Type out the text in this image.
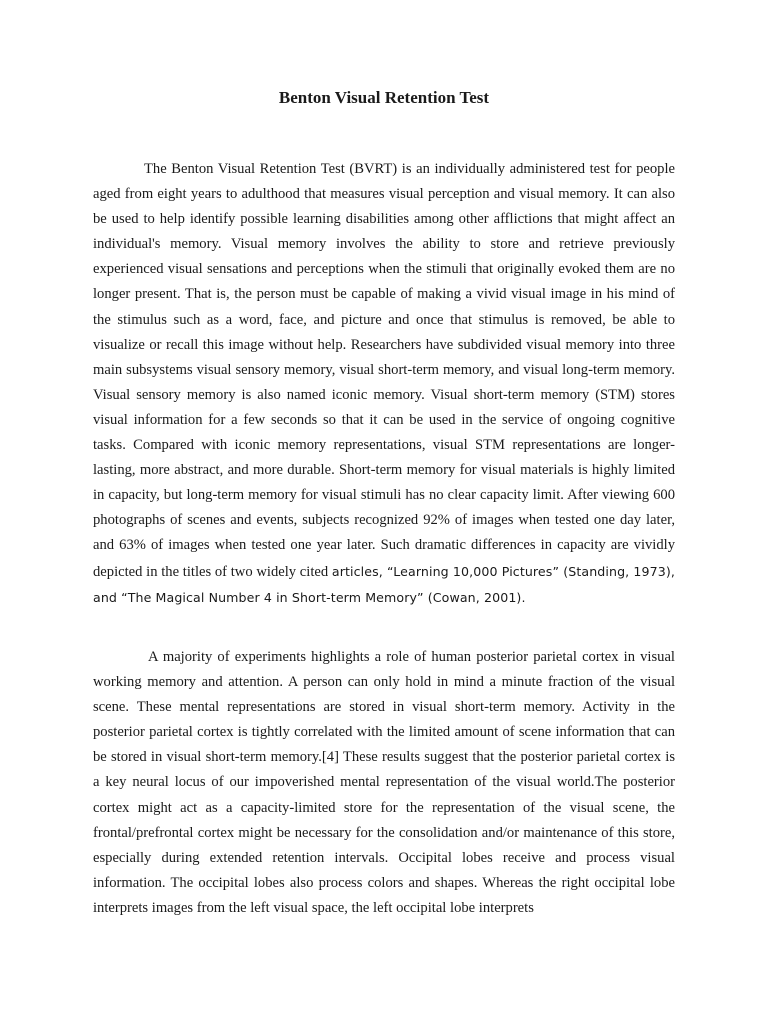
Benton Visual Retention Test

The Benton Visual Retention Test (BVRT) is an individually administered test for people aged from eight years to adulthood that measures visual perception and visual memory. It can also be used to help identify possible learning disabilities among other afflictions that might affect an individual's memory. Visual memory involves the ability to store and retrieve previously experienced visual sensations and perceptions when the stimuli that originally evoked them are no longer present. That is, the person must be capable of making a vivid visual image in his mind of the stimulus such as a word, face, and picture and once that stimulus is removed, be able to visualize or recall this image without help. Researchers have subdivided visual memory into three main subsystems visual sensory memory, visual short-term memory, and visual long-term memory. Visual sensory memory is also named iconic memory. Visual short-term memory (STM) stores visual information for a few seconds so that it can be used in the service of ongoing cognitive tasks. Compared with iconic memory representations, visual STM representations are longer-lasting, more abstract, and more durable. Short-term memory for visual materials is highly limited in capacity, but long-term memory for visual stimuli has no clear capacity limit. After viewing 600 photographs of scenes and events, subjects recognized 92% of images when tested one day later, and 63% of images when tested one year later. Such dramatic differences in capacity are vividly depicted in the titles of two widely cited articles, “Learning 10,000 Pictures” (Standing, 1973), and “The Magical Number 4 in Short-term Memory” (Cowan, 2001).

A majority of experiments highlights a role of human posterior parietal cortex in visual working memory and attention. A person can only hold in mind a minute fraction of the visual scene. These mental representations are stored in visual short-term memory. Activity in the posterior parietal cortex is tightly correlated with the limited amount of scene information that can be stored in visual short-term memory.[4] These results suggest that the posterior parietal cortex is a key neural locus of our impoverished mental representation of the visual world.The posterior cortex might act as a capacity-limited store for the representation of the visual scene, the frontal/prefrontal cortex might be necessary for the consolidation and/or maintenance of this store, especially during extended retention intervals. Occipital lobes receive and process visual information. The occipital lobes also process colors and shapes. Whereas the right occipital lobe interprets images from the left visual space, the left occipital lobe interprets
